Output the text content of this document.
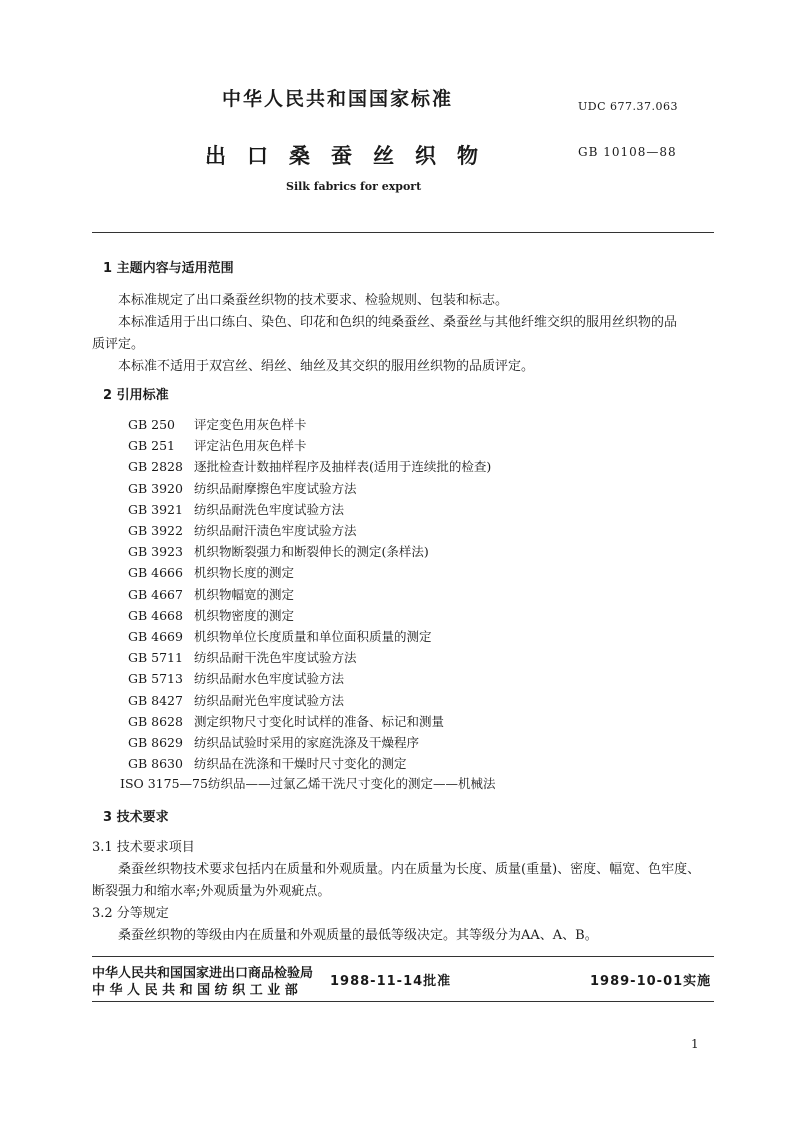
中华人民共和国国家标准	UDC 677.37.063
出口桑蚕丝织物	GB 10108—88
Silk fabrics for export
1 主题内容与适用范围
本标准规定了出口桑蚕丝织物的技术要求、检验规则、包装和标志。
本标准适用于出口练白、染色、印花和色织的纯桑蚕丝、桑蚕丝与其他纤维交织的服用丝织物的品
质评定。
本标准不适用于双宫丝、绢丝、䌷丝及其交织的服用丝织物的品质评定。
2 引用标准
GB 250 评定变色用灰色样卡
GB 251 评定沾色用灰色样卡
GB 2828 逐批检查计数抽样程序及抽样表(适用于连续批的检查)
GB 3920 纺织品耐摩擦色牢度试验方法
GB 3921 纺织品耐洗色牢度试验方法
GB 3922 纺织品耐汗渍色牢度试验方法
GB 3923 机织物断裂强力和断裂伸长的测定(条样法)
GB 4666 机织物长度的测定
GB 4667 机织物幅宽的测定
GB 4668 机织物密度的测定
GB 4669 机织物单位长度质量和单位面积质量的测定
GB 5711 纺织品耐干洗色牢度试验方法
GB 5713 纺织品耐水色牢度试验方法
GB 8427 纺织品耐光色牢度试验方法
GB 8628 测定织物尺寸变化时试样的准备、标记和测量
GB 8629 纺织品试验时采用的家庭洗涤及干燥程序
GB 8630 纺织品在洗涤和干燥时尺寸变化的测定
ISO 3175—75 纺织品——过氯乙烯干洗尺寸变化的测定——机械法
3 技术要求
3.1 技术要求项目
桑蚕丝织物技术要求包括内在质量和外观质量。内在质量为长度、质量(重量)、密度、幅宽、色牢度、
断裂强力和缩水率;外观质量为外观疵点。
3.2 分等规定
桑蚕丝织物的等级由内在质量和外观质量的最低等级决定。其等级分为AA、A、B。
中华人民共和国国家进出口商品检验局
中 华 人 民 共 和 国 纺 织 工 业 部
1988-11-14批准	1989-10-01实施
1
